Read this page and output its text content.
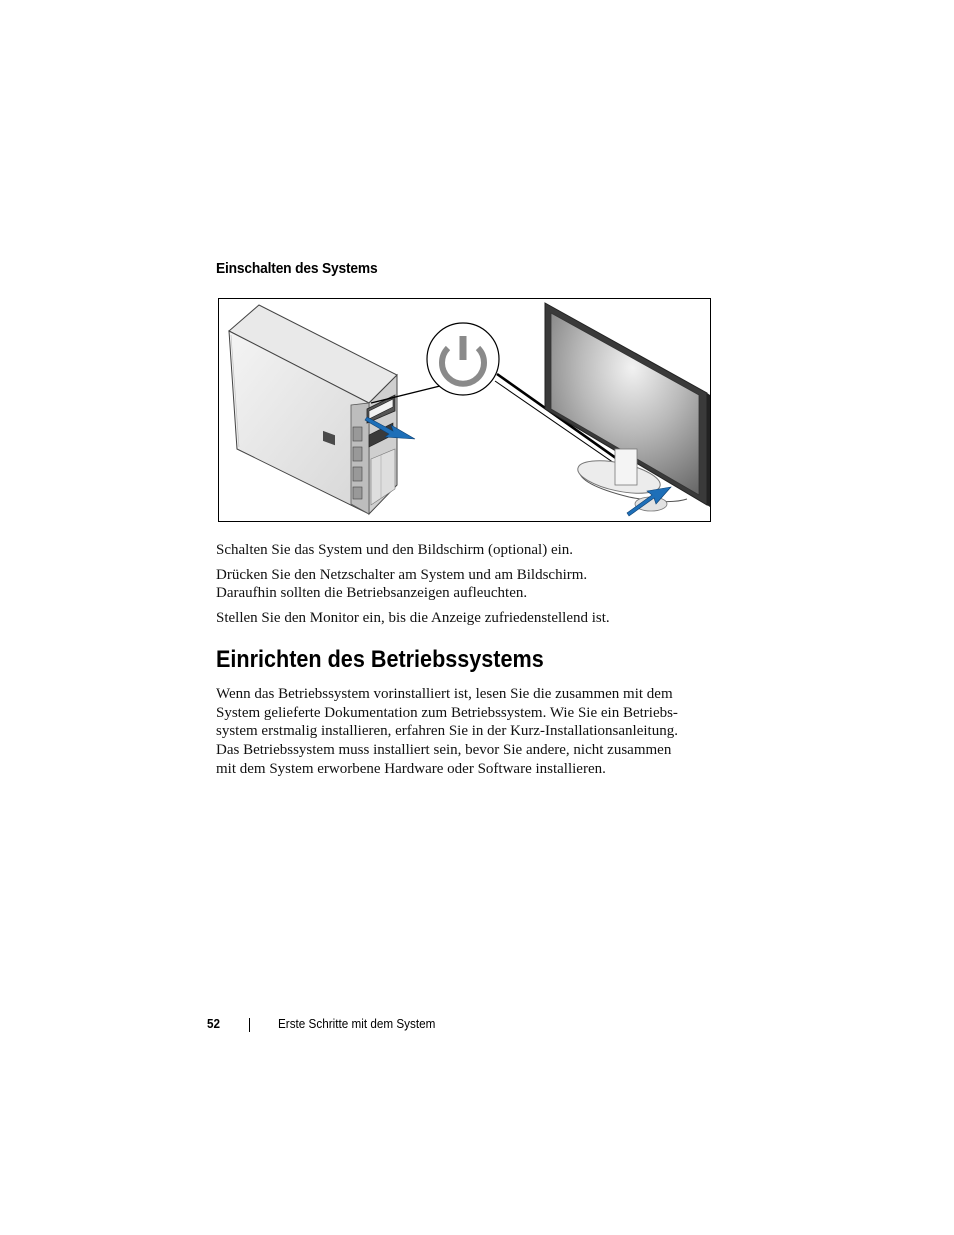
Einschalten des Systems

Schalten Sie das System und den Bildschirm (optional) ein.

Drücken Sie den Netzschalter am System und am Bildschirm.

Daraufhin sollten die Betriebsanzeigen aufleuchten.

Stellen Sie den Monitor ein, bis die Anzeige zufriedenstellend ist.

Einrichten des Betriebssystems

Wenn das Betriebssystem vorinstalliert ist, lesen Sie die zusammen mit dem

System gelieferte Dokumentation zum Betriebssystem. Wie Sie ein Betriebs-

system erstmalig installieren, erfahren Sie in der Kurz-Installationsanleitung.

Das Betriebssystem muss installiert sein, bevor Sie andere, nicht zusammen

mit dem System erworbene Hardware oder Software installieren.

52	Erste Schritte mit dem System
